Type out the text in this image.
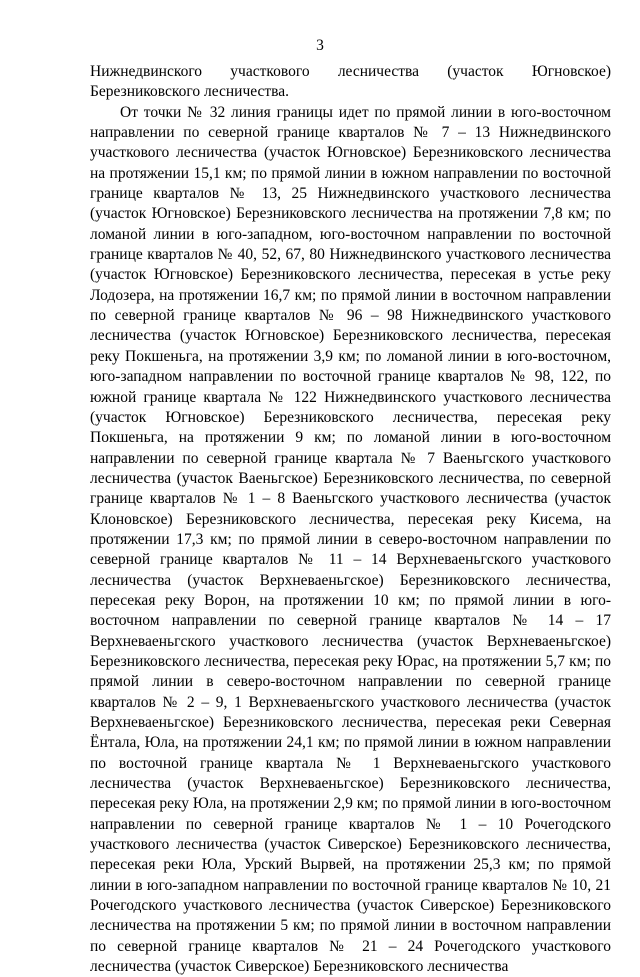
3

Нижнедвинского участкового лесничества (участок Югновское) Березниковского лесничества.

От точки № 32 линия границы идет по прямой линии в юго-восточном направлении по северной границе кварталов № 7 – 13 Нижнедвинского участкового лесничества (участок Югновское) Березниковского лесничества на протяжении 15,1 км; по прямой линии в южном направлении по восточной границе кварталов № 13, 25 Нижнедвинского участкового лесничества (участок Югновское) Березниковского лесничества на протяжении 7,8 км; по ломаной линии в юго-западном, юго-восточном направлении по восточной границе кварталов № 40, 52, 67, 80 Нижнедвинского участкового лесничества (участок Югновское) Березниковского лесничества, пересекая в устье реку Лодозера, на протяжении 16,7 км; по прямой линии в восточном направлении по северной границе кварталов № 96 – 98 Нижнедвинского участкового лесничества (участок Югновское) Березниковского лесничества, пересекая реку Покшеньга, на протяжении 3,9 км; по ломаной линии в юго-восточном, юго-западном направлении по восточной границе кварталов № 98, 122, по южной границе квартала № 122 Нижнедвинского участкового лесничества (участок Югновское) Березниковского лесничества, пересекая реку Покшеньга, на протяжении 9 км; по ломаной линии в юго-восточном направлении по северной границе квартала № 7 Ваеньгского участкового лесничества (участок Ваеньгское) Березниковского лесничества, по северной границе кварталов № 1 – 8 Ваеньгского участкового лесничества (участок Клоновское) Березниковского лесничества, пересекая реку Кисема, на протяжении 17,3 км; по прямой линии в северо-восточном направлении по северной границе кварталов № 11 – 14 Верхневаеньгского участкового лесничества (участок Верхневаеньгское) Березниковского лесничества, пересекая реку Ворон, на протяжении 10 км; по прямой линии в юго-восточном направлении по северной границе кварталов № 14 – 17 Верхневаеньгского участкового лесничества (участок Верхневаеньгское) Березниковского лесничества, пересекая реку Юрас, на протяжении 5,7 км; по прямой линии в северо-восточном направлении по северной границе кварталов № 2 – 9, 1 Верхневаеньгского участкового лесничества (участок Верхневаеньгское) Березниковского лесничества, пересекая реки Северная Ёнтала, Юла, на протяжении 24,1 км; по прямой линии в южном направлении по восточной границе квартала № 1 Верхневаеньгского участкового лесничества (участок Верхневаеньгское) Березниковского лесничества, пересекая реку Юла, на протяжении 2,9 км; по прямой линии в юго-восточном направлении по северной границе кварталов № 1 – 10 Рочегодского участкового лесничества (участок Сиверское) Березниковского лесничества, пересекая реки Юла, Урский Вырвей, на протяжении 25,3 км; по прямой линии в юго-западном направлении по восточной границе кварталов № 10, 21 Рочегодского участкового лесничества (участок Сиверское) Березниковского лесничества на протяжении 5 км; по прямой линии в восточном направлении по северной границе кварталов № 21 – 24 Рочегодского участкового лесничества (участок Сиверское) Березниковского лесничества
